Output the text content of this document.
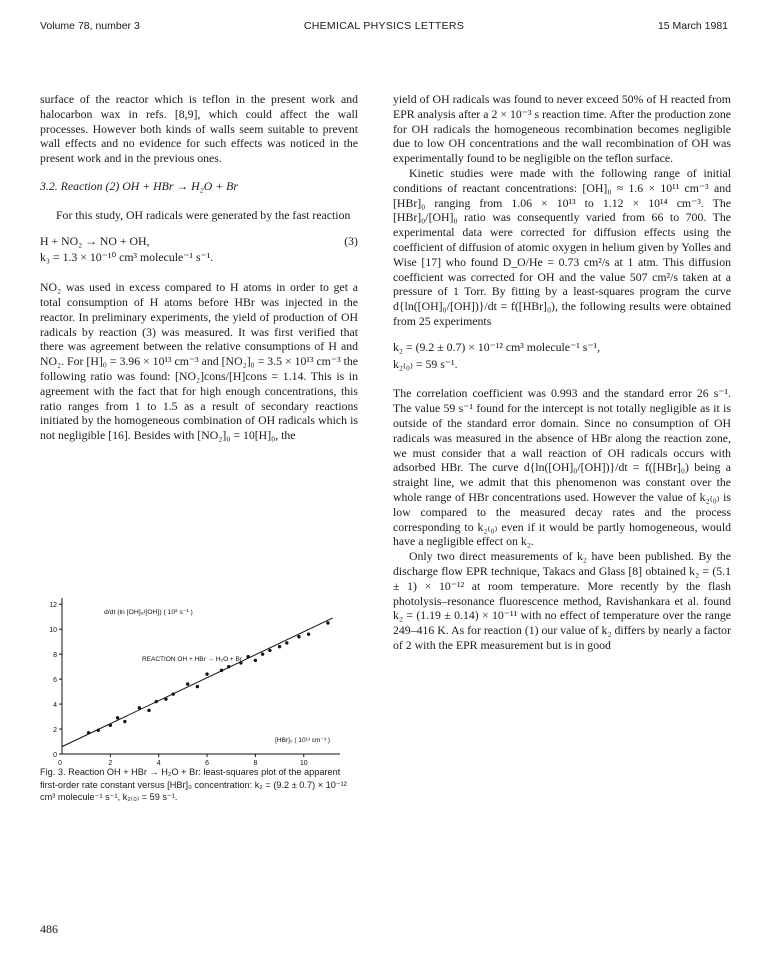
Volume 78, number 3	CHEMICAL PHYSICS LETTERS	15 March 1981

surface of the reactor which is teflon in the present work and halocarbon wax in refs. [8,9], which could affect the wall processes. However both kinds of walls seem suitable to prevent wall effects and no evidence for such effects was noticed in the present work and in the previous ones.

3.2. Reaction (2) OH + HBr → H₂O + Br

For this study, OH radicals were generated by the fast reaction

H + NO₂ → NO + OH,	(3)
k₃ = 1.3 × 10⁻¹⁰ cm³ molecule⁻¹ s⁻¹.

NO₂ was used in excess compared to H atoms in order to get a total consumption of H atoms before HBr was injected in the reactor. In preliminary experiments, the yield of production of OH radicals by reaction (3) was measured. It was first verified that there was agreement between the relative consumptions of H and NO₂. For [H]₀ = 3.96 × 10¹³ cm⁻³ and [NO₂]₀ = 3.5 × 10¹³ cm⁻³ the following ratio was found: [NO₂]cons/[H]cons = 1.14. This is in agreement with the fact that for high enough concentrations, this ratio ranges from 1 to 1.5 as a result of secondary reactions initiated by the homogeneous combination of OH radicals which is not negligible [16]. Besides with [NO₂]₀ = 10[H]₀, the

yield of OH radicals was found to never exceed 50% of H reacted from EPR analysis after a 2 × 10⁻³ s reaction time. After the production zone for OH radicals the homogeneous recombination becomes negligible due to low OH concentrations and the wall recombination of OH was experimentally found to be negligible on the teflon surface.

Kinetic studies were made with the following range of initial conditions of reactant concentrations: [OH]₀ ≈ 1.6 × 10¹¹ cm⁻³ and [HBr]₀ ranging from 1.06 × 10¹³ to 1.12 × 10¹⁴ cm⁻³. The [HBr]₀/[OH]₀ ratio was consequently varied from 66 to 700. The experimental data were corrected for diffusion effects using the coefficient of diffusion of atomic oxygen in helium given by Yolles and Wise [17] who found D_O/He = 0.73 cm²/s at 1 atm. This diffusion coefficient was corrected for OH and the value 507 cm²/s taken at a pressure of 1 Torr. By fitting by a least-squares program the curve d{ln([OH]₀/[OH])}/dt = f([HBr]₀), the following results were obtained from 25 experiments

k₂ = (9.2 ± 0.7) × 10⁻¹² cm³ molecule⁻¹ s⁻¹,
k₂₍₀₎ = 59 s⁻¹.

The correlation coefficient was 0.993 and the standard error 26 s⁻¹. The value 59 s⁻¹ found for the intercept is not totally negligible as it is outside of the standard error domain. Since no consumption of OH radicals was measured in the absence of HBr along the reaction zone, we must consider that a wall reaction of OH radicals occurs with adsorbed HBr. The curve d{ln([OH]₀/[OH])}/dt = f([HBr]₀) being a straight line, we admit that this phenomenon was constant over the whole range of HBr concentrations used. However the value of k₂₍₀₎ is low compared to the measured decay rates and the process corresponding to k₂₍₀₎ even if it would be partly homogeneous, would have a negligible effect on k₂.

Only two direct measurements of k₂ have been published. By the discharge flow EPR technique, Takacs and Glass [8] obtained k₂ = (5.1 ± 1) × 10⁻¹² at room temperature. More recently by the flash photolysis–resonance fluorescence method, Ravishankara et al. found k₂ = (1.19 ± 0.14) × 10⁻¹¹ with no effect of temperature over the range 249–416 K. As for reaction (1) our value of k₂ differs by nearly a factor of 2 with the EPR measurement but is in good

0
2
4
6
8
10
12
2	4	6	8	10
0
d/dt (ln [OH]₀/[OH]) ( 10² s⁻¹ )
REACTION OH + HBr → H₂O + Br
[HBr]₀ ( 10¹³ cm⁻³ )
Fig. 3. Reaction OH + HBr → H₂O + Br: least-squares plot of the apparent first-order rate constant versus [HBr]₀ concentration: k₂ = (9.2 ± 0.7) × 10⁻¹² cm³ molecule⁻¹ s⁻¹, k₂₍₀₎ = 59 s⁻¹.
486
